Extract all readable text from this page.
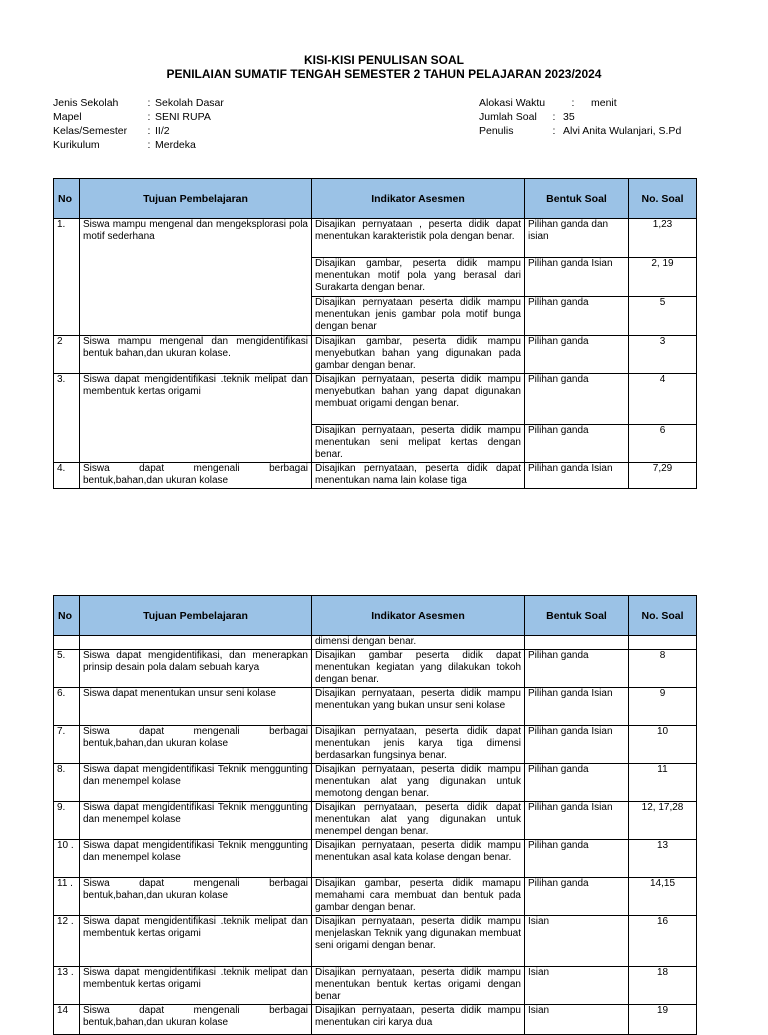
KISI-KISI PENULISAN SOAL
PENILAIAN SUMATIF TENGAH SEMESTER 2 TAHUN PELAJARAN 2023/2024
Jenis Sekolah	: Sekolah Dasar
Mapel	: SENI RUPA
Kelas/Semester	: II/2
Kurikulum	: Merdeka
Alokasi Waktu	:	menit
Jumlah Soal	: 35
Penulis	: Alvi Anita Wulanjari, S.Pd
No	Tujuan Pembelajaran	Indikator Asesmen	Bentuk Soal	No. Soal
1.	Siswa mampu mengenal dan mengeksplorasi pola motif sederhana	Disajikan pernyataan , peserta didik dapat menentukan karakteristik pola dengan benar.	Pilihan ganda dan isian	1,23
		Disajikan gambar, peserta didik mampu menentukan motif pola yang berasal dari Surakarta dengan benar.	Pilihan ganda Isian	2, 19
		Disajikan pernyataan peserta didik mampu menentukan jenis gambar pola motif bunga dengan benar	Pilihan ganda	5
2	Siswa mampu mengenal dan mengidentifikasi bentuk bahan,dan ukuran kolase.	Disajikan gambar, peserta didik mampu menyebutkan bahan yang digunakan pada gambar dengan benar.	Pilihan ganda	3
3.	Siswa dapat mengidentifikasi .teknik melipat dan membentuk kertas origami	Disajikan pernyataan, peserta didik mampu menyebutkan bahan yang dapat digunakan membuat origami dengan benar.	Pilihan ganda	4
		Disajikan pernyataan, peserta didik mampu menentukan seni melipat kertas dengan benar.	Pilihan ganda	6
4.	Siswa dapat mengenali berbagai bentuk,bahan,dan ukuran kolase	Disajikan pernyataan, peserta didik dapat menentukan nama lain kolase tiga	Pilihan ganda Isian	7,29
No	Tujuan Pembelajaran	Indikator Asesmen	Bentuk Soal	No. Soal
		dimensi dengan benar.		
5.	Siswa dapat mengidentifikasi, dan menerapkan prinsip desain pola dalam sebuah karya	Disajikan gambar peserta didik dapat menentukan kegiatan yang dilakukan tokoh dengan benar.	Pilihan ganda	8
6.	Siswa dapat menentukan unsur seni kolase	Disajikan pernyataan, peserta didik mampu menentukan yang bukan unsur seni kolase	Pilihan ganda Isian	9
7.	Siswa dapat mengenali berbagai bentuk,bahan,dan ukuran kolase	Disajikan pernyataan, peserta didik dapat menentukan jenis karya tiga dimensi berdasarkan fungsinya benar.	Pilihan ganda Isian	10
8.	Siswa dapat mengidentifikasi Teknik menggunting dan menempel kolase	Disajikan pernyataan, peserta didik mampu menentukan alat yang digunakan untuk memotong dengan benar.	Pilihan ganda	11
9.	Siswa dapat mengidentifikasi Teknik menggunting dan menempel kolase	Disajikan pernyataan, peserta didik dapat menentukan alat yang digunakan untuk menempel dengan benar.	Pilihan ganda Isian	12, 17,28
10 .	Siswa dapat mengidentifikasi Teknik menggunting dan menempel kolase	Disajikan pernyataan, peserta didik mampu menentukan asal kata kolase dengan benar.	Pilihan ganda	13
11 .	Siswa dapat mengenali berbagai bentuk,bahan,dan ukuran kolase	Disajikan gambar, peserta didik mamapu memahami cara membuat dan bentuk pada gambar dengan benar.	Pilihan ganda	14,15
12 .	Siswa dapat mengidentifikasi .teknik melipat dan membentuk kertas origami	Disajikan pernyataan, peserta didik mampu menjelaskan Teknik yang digunakan membuat seni origami dengan benar.	Isian	16
13 .	Siswa dapat mengidentifikasi .teknik melipat dan membentuk kertas origami	Disajikan pernyataan, peserta didik mampu menentukan bentuk kertas origami dengan benar	Isian	18
14	Siswa dapat mengenali berbagai bentuk,bahan,dan ukuran kolase	Disajikan pernyataan, peserta didik mampu menentukan ciri karya dua	Isian	19
